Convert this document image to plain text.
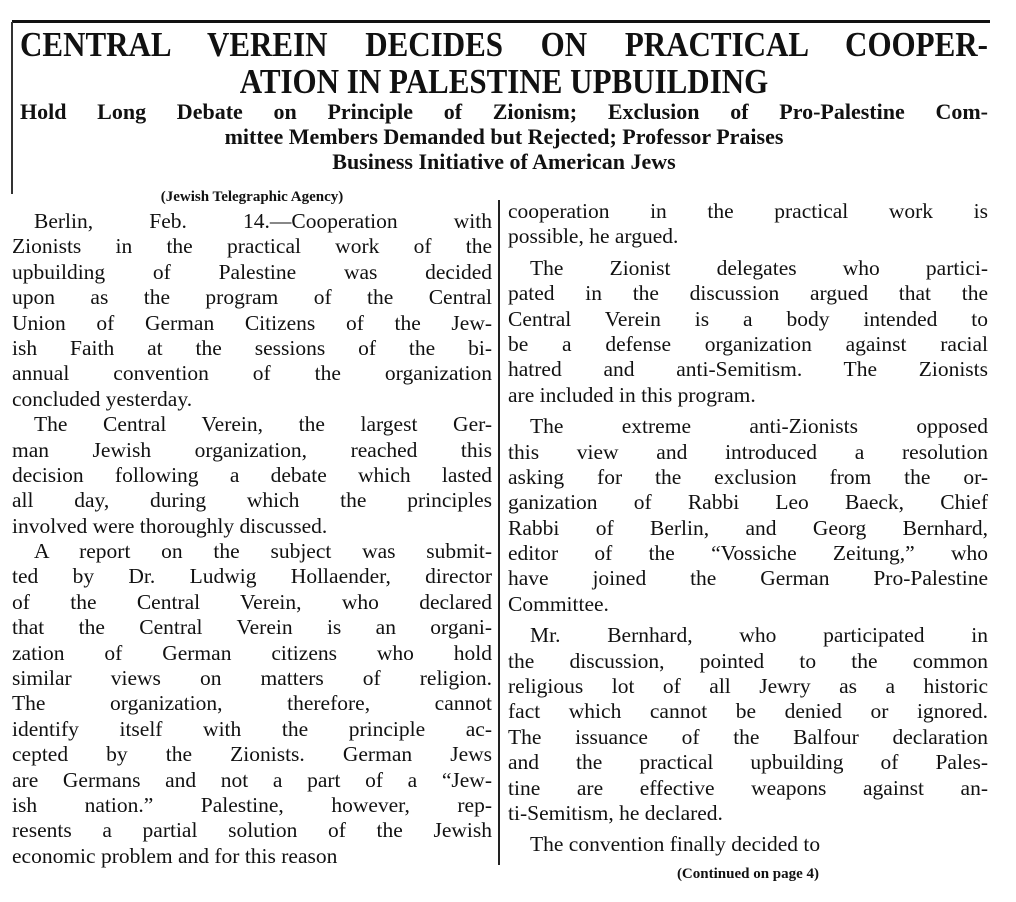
CENTRAL VEREIN DECIDES ON PRACTICAL COOPER-
ATION IN PALESTINE UPBUILDING
Hold Long Debate on Principle of Zionism; Exclusion of Pro-Palestine Com-
mittee Members Demanded but Rejected; Professor Praises
Business Initiative of American Jews
(Jewish Telegraphic Agency)
Berlin, Feb. 14.—Cooperation with
Zionists in the practical work of the
upbuilding of Palestine was decided
upon as the program of the Central
Union of German Citizens of the Jew-
ish Faith at the sessions of the bi-
annual convention of the organization
concluded yesterday.
The Central Verein, the largest Ger-
man Jewish organization, reached this
decision following a debate which lasted
all day, during which the principles
involved were thoroughly discussed.
A report on the subject was submit-
ted by Dr. Ludwig Hollaender, director
of the Central Verein, who declared
that the Central Verein is an organi-
zation of German citizens who hold
similar views on matters of religion.
The organization, therefore, cannot
identify itself with the principle ac-
cepted by the Zionists. German Jews
are Germans and not a part of a “Jew-
ish nation.” Palestine, however, rep-
resents a partial solution of the Jewish
economic problem and for this reason
cooperation in the practical work is
possible, he argued.
The Zionist delegates who partici-
pated in the discussion argued that the
Central Verein is a body intended to
be a defense organization against racial
hatred and anti-Semitism. The Zionists
are included in this program.
The extreme anti-Zionists opposed
this view and introduced a resolution
asking for the exclusion from the or-
ganization of Rabbi Leo Baeck, Chief
Rabbi of Berlin, and Georg Bernhard,
editor of the “Vossiche Zeitung,” who
have joined the German Pro-Palestine
Committee.
Mr. Bernhard, who participated in
the discussion, pointed to the common
religious lot of all Jewry as a historic
fact which cannot be denied or ignored.
The issuance of the Balfour declaration
and the practical upbuilding of Pales-
tine are effective weapons against an-
ti-Semitism, he declared.
The convention finally decided to
(Continued on page 4)
